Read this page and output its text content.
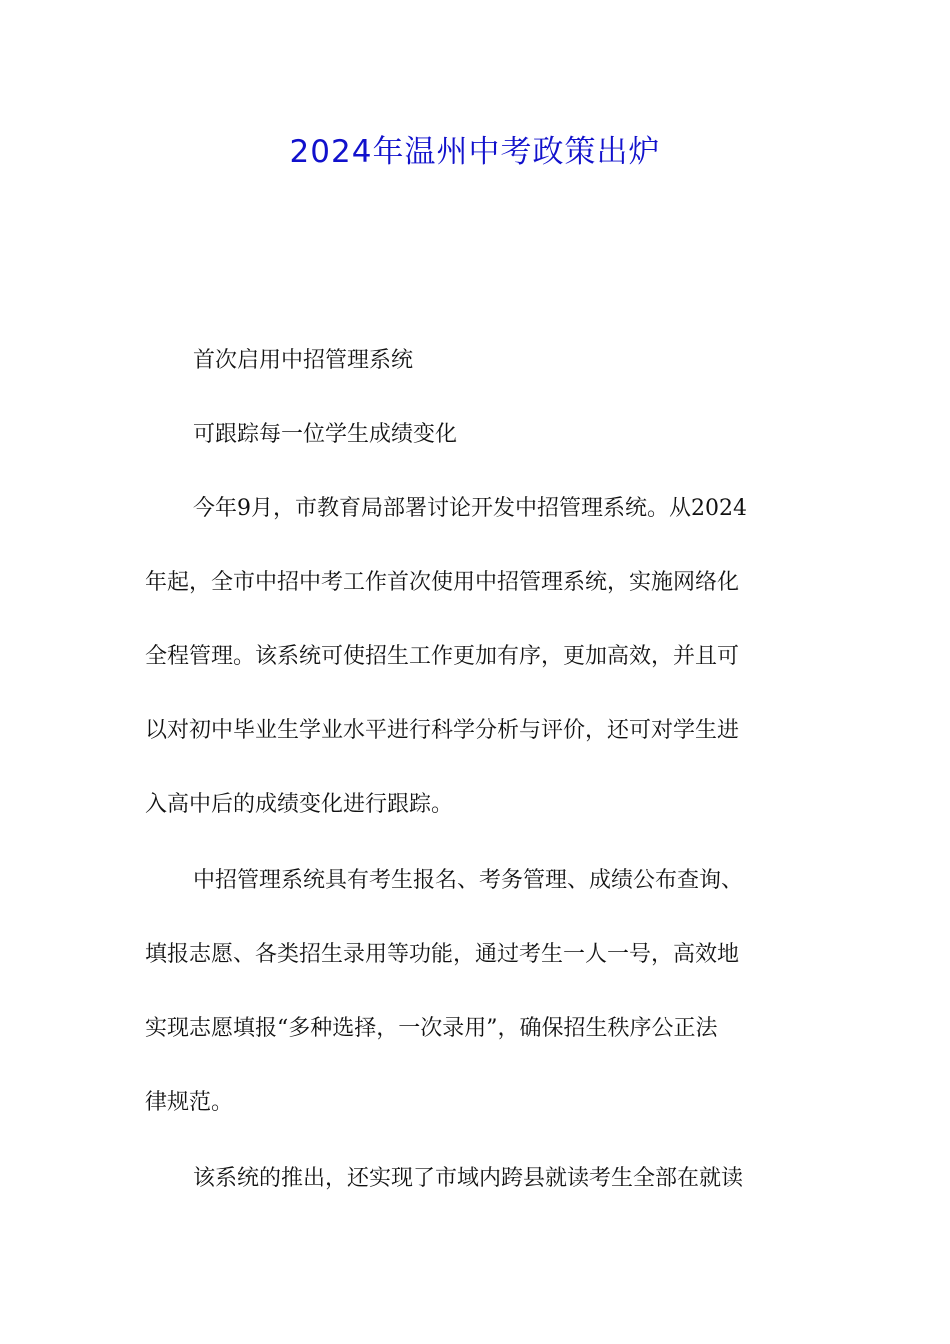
2024年温州中考政策出炉
首次启用中招管理系统
可跟踪每一位学生成绩变化
今年9月，市教育局部署讨论开发中招管理系统。从2024
年起，全市中招中考工作首次使用中招管理系统，实施网络化
全程管理。该系统可使招生工作更加有序，更加高效，并且可
以对初中毕业生学业水平进行科学分析与评价，还可对学生进
入高中后的成绩变化进行跟踪。
中招管理系统具有考生报名、考务管理、成绩公布查询、
填报志愿、各类招生录用等功能，通过考生一人一号，高效地
实现志愿填报“多种选择，一次录用”，确保招生秩序公正法
律规范。
该系统的推出，还实现了市域内跨县就读考生全部在就读
